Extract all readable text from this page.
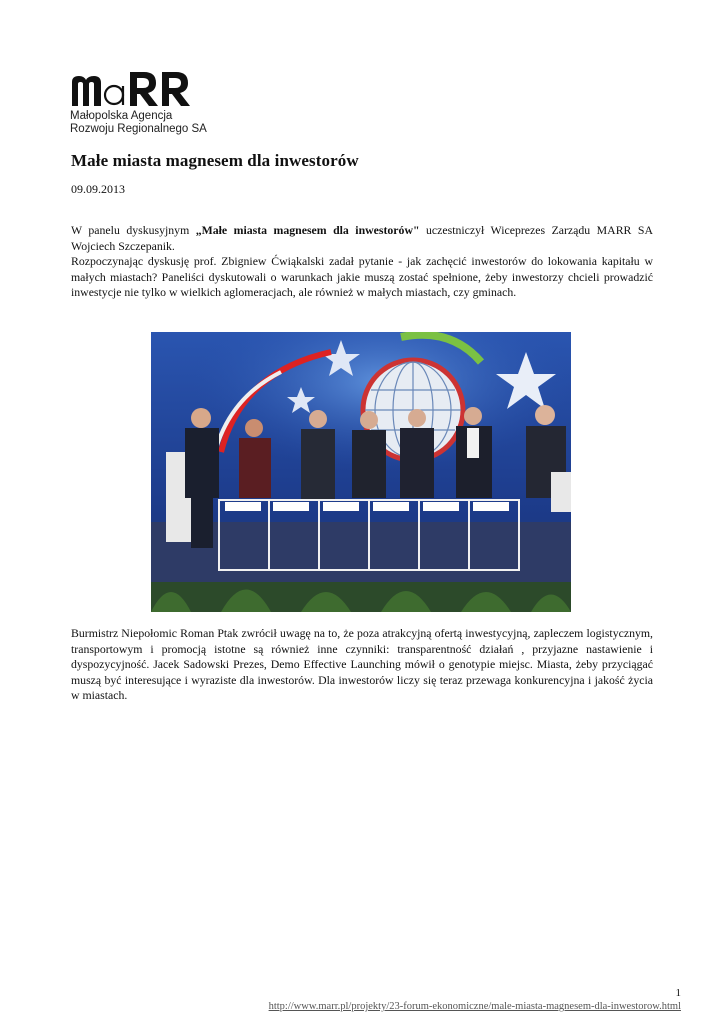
Małopolska Agencja
Rozwoju Regionalnego SA
Małe miasta magnesem dla inwestorów
09.09.2013
W panelu dyskusyjnym „Małe miasta magnesem dla inwestorów" uczestniczył Wiceprezes Zarządu MARR SA Wojciech Szczepanik.
Rozpoczynając dyskusję prof. Zbigniew Ćwiąkalski zadał pytanie - jak zachęcić inwestorów do lokowania kapitału w małych miastach? Paneliści dyskutowali o warunkach jakie muszą zostać spełnione, żeby inwestorzy chcieli prowadzić inwestycje nie tylko w wielkich aglomeracjach, ale również w małych miastach, czy gminach.
Burmistrz Niepołomic Roman Ptak zwrócił uwagę na to, że poza atrakcyjną ofertą inwestycyjną, zapleczem logistycznym, transportowym i promocją istotne są również inne czynniki: transparentność działań , przyjazne nastawienie i dyspozycyjność. Jacek Sadowski Prezes, Demo Effective Launching mówił o genotypie miejsc. Miasta, żeby przyciągać muszą być interesujące i wyraziste dla inwestorów. Dla inwestorów liczy się teraz przewaga konkurencyjna i jakość życia w miastach.
1
http://www.marr.pl/projekty/23-forum-ekonomiczne/male-miasta-magnesem-dla-inwestorow.html
